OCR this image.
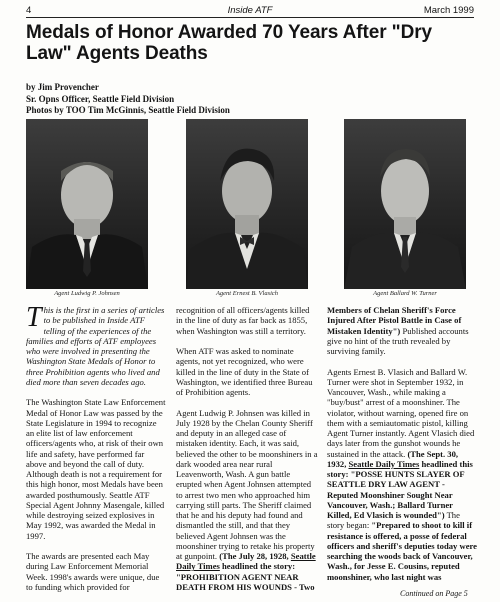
4	Inside ATF	March 1999
Medals of Honor Awarded 70 Years After "Dry Law" Agents Deaths
by Jim Provencher
Sr. Opns Officer, Seattle Field Division
Photos by TOO Tim McGinnis, Seattle Field Division
Agent Ludwig P. Johnsen	Agent Ernest B. Vlasich	Agent Ballard W. Turner

This is the first in a series of articles to be published in Inside ATF telling of the experiences of the families and efforts of ATF employees who were involved in presenting the Washington State Medals of Honor to three Prohibition agents who lived and died more than seven decades ago.

The Washington State Law Enforcement Medal of Honor Law was passed by the State Legislature in 1994 to recognize an elite list of law enforcement officers/agents who, at risk of their own life and safety, have performed far above and beyond the call of duty. Although death is not a requirement for this high honor, most Medals have been awarded posthumously. Seattle ATF Special Agent Johnny Masengale, killed while destroying seized explosives in May 1992, was awarded the Medal in 1997.

The awards are presented each May during Law Enforcement Memorial Week. 1998's awards were unique, due to funding which provided for

recognition of all officers/agents killed in the line of duty as far back as 1855, when Washington was still a territory.

When ATF was asked to nominate agents, not yet recognized, who were killed in the line of duty in the State of Washington, we identified three Bureau of Prohibition agents.

Agent Ludwig P. Johnsen was killed in July 1928 by the Chelan County Sheriff and deputy in an alleged case of mistaken identity. Each, it was said, believed the other to be moonshiners in a dark wooded area near rural Leavenworth, Wash. A gun battle erupted when Agent Johnsen attempted to arrest two men who approached him carrying still parts. The Sheriff claimed that he and his deputy had found and dismantled the still, and that they believed Agent Johnsen was the moonshiner trying to retake his property at gunpoint. (The July 28, 1928, Seattle Daily Times headlined the story: "PROHIBITION AGENT NEAR DEATH FROM HIS WOUNDS - Two

Members of Chelan Sheriff's Force Injured After Pistol Battle in Case of Mistaken Identity") Published accounts give no hint of the truth revealed by surviving family.

Agents Ernest B. Vlasich and Ballard W. Turner were shot in September 1932, in Vancouver, Wash., while making a "buy/bust" arrest of a moonshiner. The violator, without warning, opened fire on them with a semiautomatic pistol, killing Agent Turner instantly. Agent Vlasich died days later from the gunshot wounds he sustained in the attack. (The Sept. 30, 1932, Seattle Daily Times headlined this story: "POSSE HUNTS SLAYER OF SEATTLE DRY LAW AGENT - Reputed Moonshiner Sought Near Vancouver, Wash.; Ballard Turner Killed, Ed Vlasich is wounded") The story began: "Prepared to shoot to kill if resistance is offered, a posse of federal officers and sheriff's deputies today were searching the woods back of Vancouver, Wash., for Jesse E. Cousins, reputed moonshiner, who last night was

Continued on Page 5
